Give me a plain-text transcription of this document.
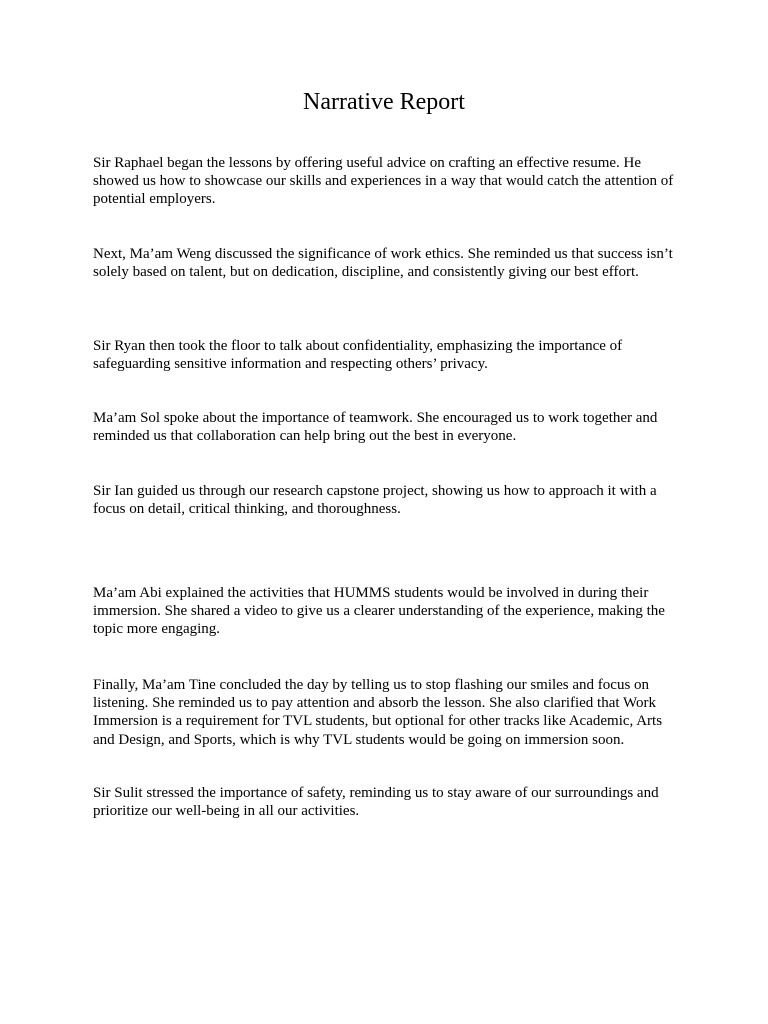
Narrative Report

Sir Raphael began the lessons by offering useful advice on crafting an effective resume. He showed us how to showcase our skills and experiences in a way that would catch the attention of potential employers.

Next, Ma’am Weng discussed the significance of work ethics. She reminded us that success isn’t solely based on talent, but on dedication, discipline, and consistently giving our best effort.

Sir Ryan then took the floor to talk about confidentiality, emphasizing the importance of safeguarding sensitive information and respecting others’ privacy.

Ma’am Sol spoke about the importance of teamwork. She encouraged us to work together and reminded us that collaboration can help bring out the best in everyone.

Sir Ian guided us through our research capstone project, showing us how to approach it with a focus on detail, critical thinking, and thoroughness.

Ma’am Abi explained the activities that HUMMS students would be involved in during their immersion. She shared a video to give us a clearer understanding of the experience, making the topic more engaging.

Finally, Ma’am Tine concluded the day by telling us to stop flashing our smiles and focus on listening. She reminded us to pay attention and absorb the lesson. She also clarified that Work Immersion is a requirement for TVL students, but optional for other tracks like Academic, Arts and Design, and Sports, which is why TVL students would be going on immersion soon.

Sir Sulit stressed the importance of safety, reminding us to stay aware of our surroundings and prioritize our well-being in all our activities.
